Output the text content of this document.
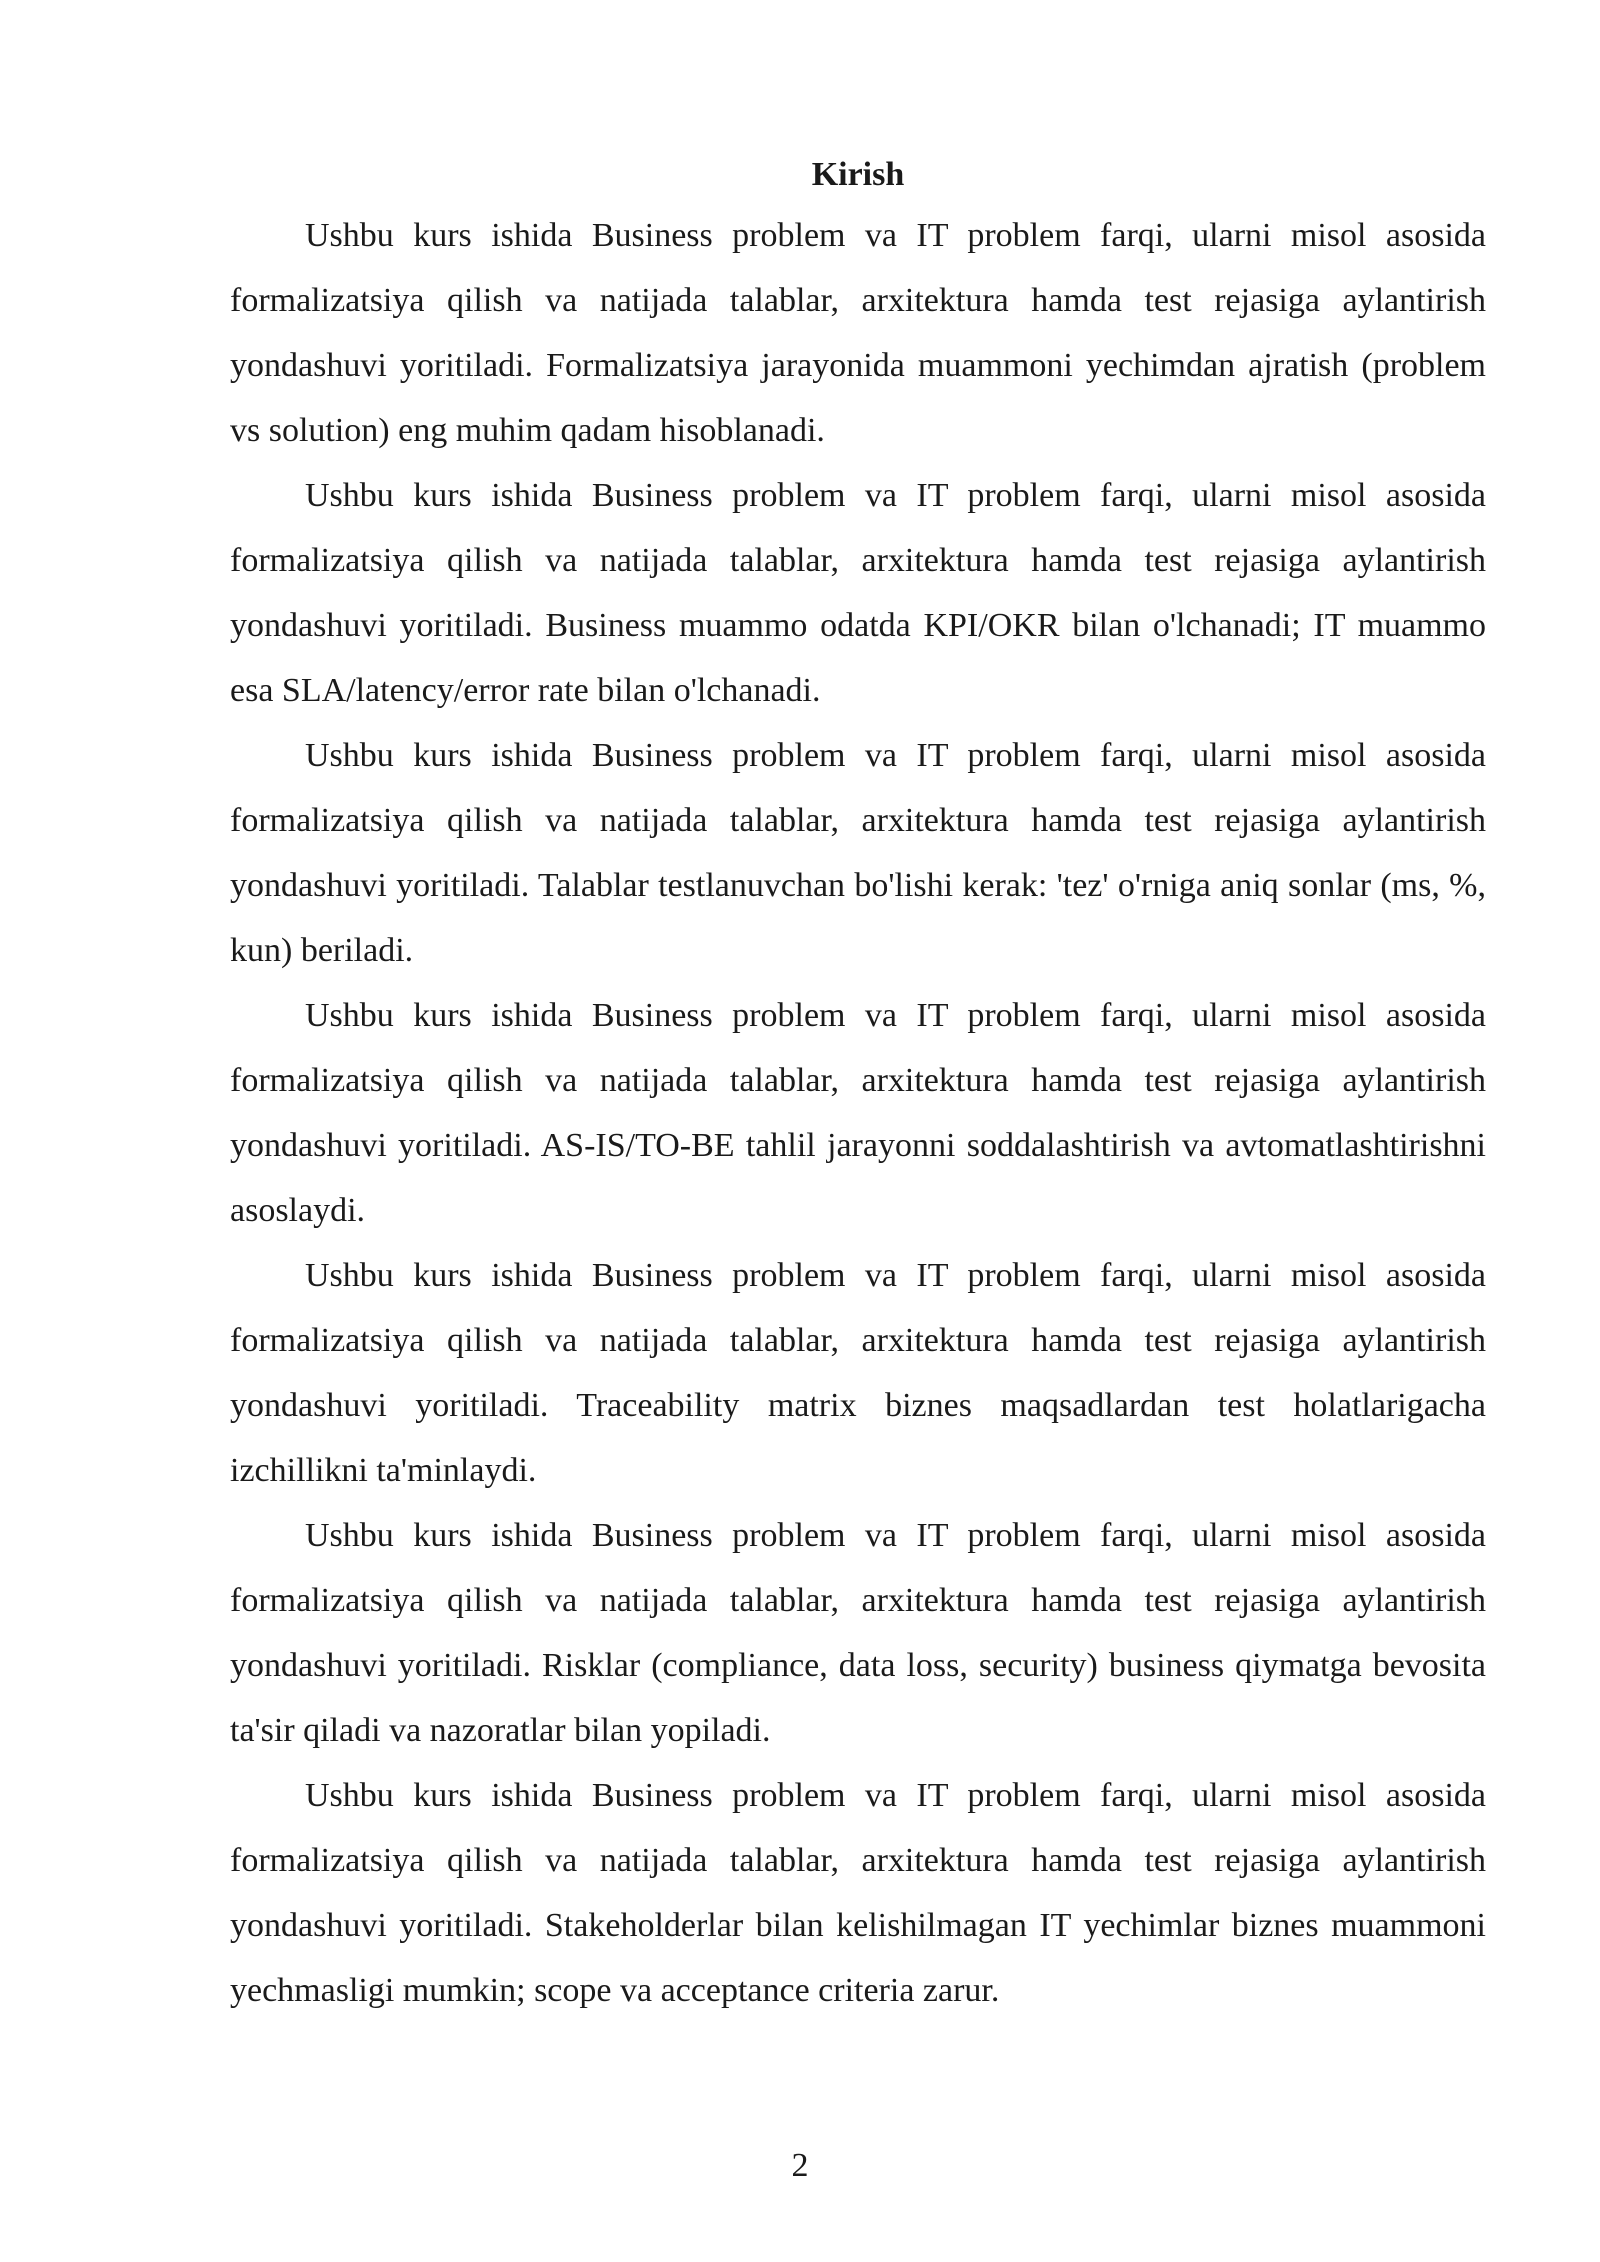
Kirish

Ushbu kurs ishida Business problem va IT problem farqi, ularni misol asosida formalizatsiya qilish va natijada talablar, arxitektura hamda test rejasiga aylantirish yondashuvi yoritiladi. Formalizatsiya jarayonida muammoni yechimdan ajratish (problem vs solution) eng muhim qadam hisoblanadi.

Ushbu kurs ishida Business problem va IT problem farqi, ularni misol asosida formalizatsiya qilish va natijada talablar, arxitektura hamda test rejasiga aylantirish yondashuvi yoritiladi. Business muammo odatda KPI/OKR bilan o'lchanadi; IT muammo esa SLA/latency/error rate bilan o'lchanadi.

Ushbu kurs ishida Business problem va IT problem farqi, ularni misol asosida formalizatsiya qilish va natijada talablar, arxitektura hamda test rejasiga aylantirish yondashuvi yoritiladi. Talablar testlanuvchan bo'lishi kerak: 'tez' o'rniga aniq sonlar (ms, %, kun) beriladi.

Ushbu kurs ishida Business problem va IT problem farqi, ularni misol asosida formalizatsiya qilish va natijada talablar, arxitektura hamda test rejasiga aylantirish yondashuvi yoritiladi. AS-IS/TO-BE tahlil jarayonni soddalashtirish va avtomatlashtirishni asoslaydi.

Ushbu kurs ishida Business problem va IT problem farqi, ularni misol asosida formalizatsiya qilish va natijada talablar, arxitektura hamda test rejasiga aylantirish yondashuvi yoritiladi. Traceability matrix biznes maqsadlardan test holatlarigacha izchillikni ta'minlaydi.

Ushbu kurs ishida Business problem va IT problem farqi, ularni misol asosida formalizatsiya qilish va natijada talablar, arxitektura hamda test rejasiga aylantirish yondashuvi yoritiladi. Risklar (compliance, data loss, security) business qiymatga bevosita ta'sir qiladi va nazoratlar bilan yopiladi.

Ushbu kurs ishida Business problem va IT problem farqi, ularni misol asosida formalizatsiya qilish va natijada talablar, arxitektura hamda test rejasiga aylantirish yondashuvi yoritiladi. Stakeholderlar bilan kelishilmagan IT yechimlar biznes muammoni yechmasligi mumkin; scope va acceptance criteria zarur.

2
